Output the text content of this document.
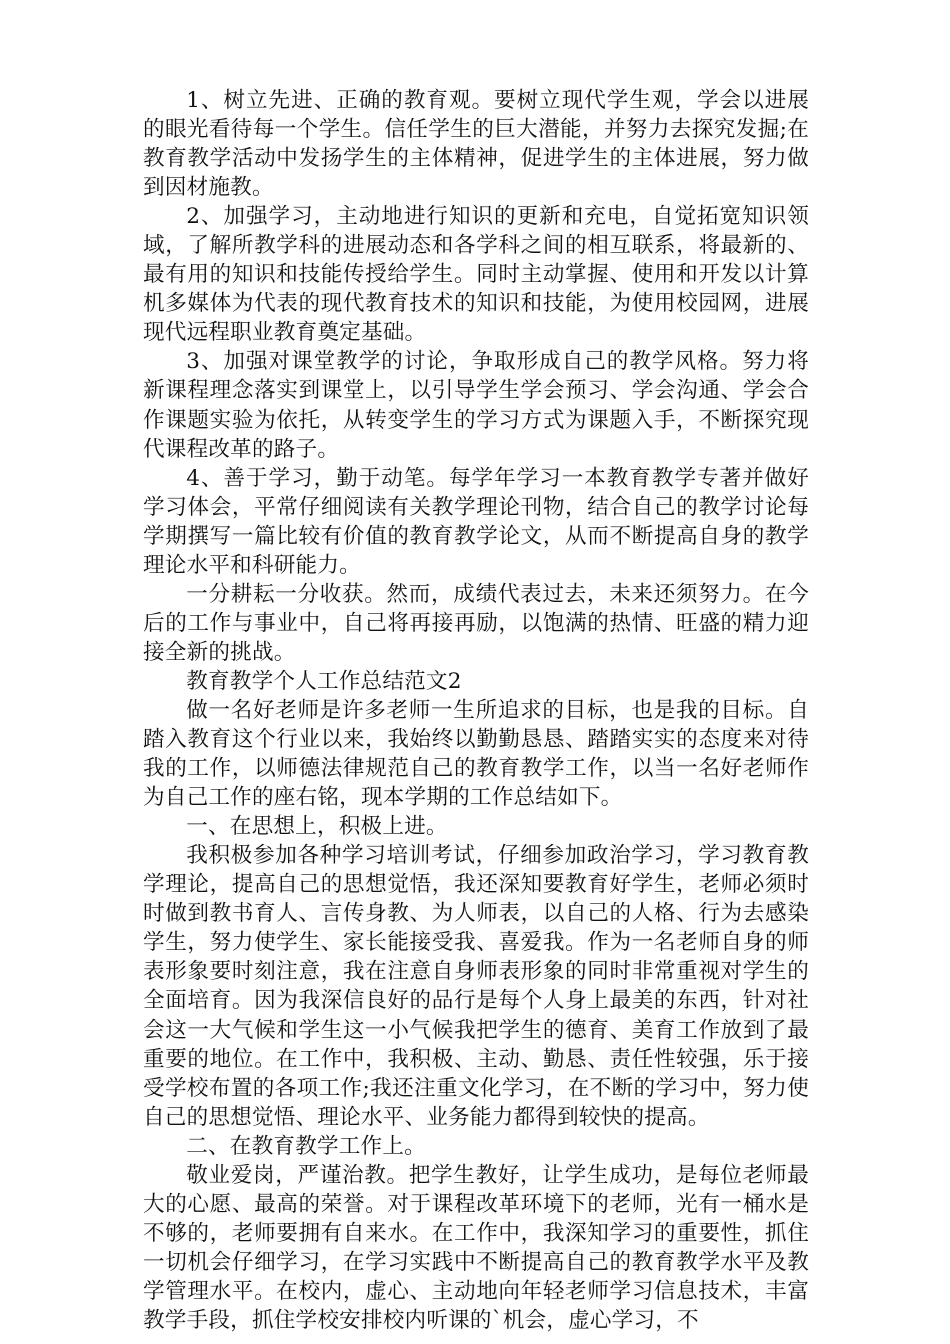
1、树立先进、正确的教育观。要树立现代学生观，学会以进展的眼光看待每一个学生。信任学生的巨大潜能，并努力去探究发掘;在教育教学活动中发扬学生的主体精神，促进学生的主体进展，努力做到因材施教。

2、加强学习，主动地进行知识的更新和充电，自觉拓宽知识领域，了解所教学科的进展动态和各学科之间的相互联系，将最新的、最有用的知识和技能传授给学生。同时主动掌握、使用和开发以计算机多媒体为代表的现代教育技术的知识和技能，为使用校园网，进展现代远程职业教育奠定基础。

3、加强对课堂教学的讨论，争取形成自己的教学风格。努力将新课程理念落实到课堂上，以引导学生学会预习、学会沟通、学会合作课题实验为依托，从转变学生的学习方式为课题入手，不断探究现代课程改革的路子。

4、善于学习，勤于动笔。每学年学习一本教育教学专著并做好学习体会，平常仔细阅读有关教学理论刊物，结合自己的教学讨论每学期撰写一篇比较有价值的教育教学论文，从而不断提高自身的教学理论水平和科研能力。

一分耕耘一分收获。然而，成绩代表过去，未来还须努力。在今后的工作与事业中，自己将再接再励，以饱满的热情、旺盛的精力迎接全新的挑战。

教育教学个人工作总结范文2

做一名好老师是许多老师一生所追求的目标，也是我的目标。自踏入教育这个行业以来，我始终以勤勤恳恳、踏踏实实的态度来对待我的工作，以师德法律规范自己的教育教学工作，以当一名好老师作为自己工作的座右铭，现本学期的工作总结如下。

一、在思想上，积极上进。

我积极参加各种学习培训考试，仔细参加政治学习，学习教育教学理论，提高自己的思想觉悟，我还深知要教育好学生，老师必须时时做到教书育人、言传身教、为人师表，以自己的人格、行为去感染学生，努力使学生、家长能接受我、喜爱我。作为一名老师自身的师表形象要时刻注意，我在注意自身师表形象的同时非常重视对学生的全面培育。因为我深信良好的品行是每个人身上最美的东西，针对社会这一大气候和学生这一小气候我把学生的德育、美育工作放到了最重要的地位。在工作中，我积极、主动、勤恳、责任性较强，乐于接受学校布置的各项工作;我还注重文化学习，在不断的学习中，努力使自己的思想觉悟、理论水平、业务能力都得到较快的提高。

二、在教育教学工作上。

敬业爱岗，严谨治教。把学生教好，让学生成功，是每位老师最大的心愿、最高的荣誉。对于课程改革环境下的老师，光有一桶水是不够的，老师要拥有自来水。在工作中，我深知学习的重要性，抓住一切机会仔细学习，在学习实践中不断提高自己的教育教学水平及教学管理水平。在校内，虚心、主动地向年轻老师学习信息技术，丰富教学手段，抓住学校安排校内听课的`机会，虚心学习，不
